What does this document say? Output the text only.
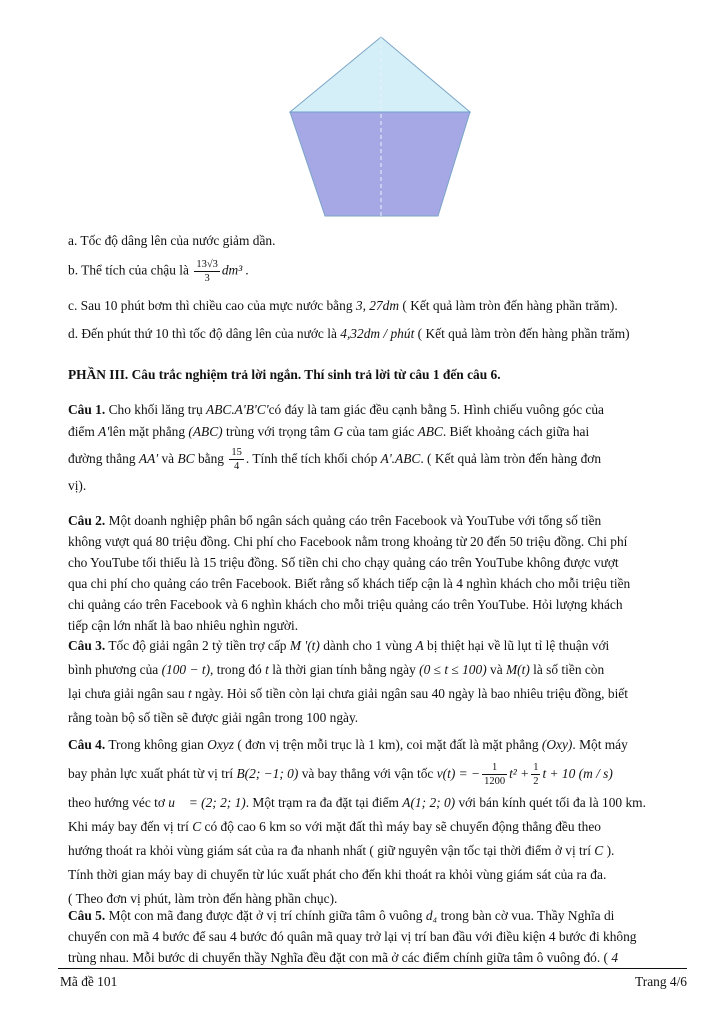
a. Tốc độ dâng lên của nước giảm dần.

b. Thể tích của chậu là $\frac{13√3}{3} dm^3$ .

c. Sau 10 phút bơm thì chiều cao của mực nước bằng 3, 27dm ( Kết quả làm tròn đến hàng phần trăm).

d. Đến phút thứ 10 thì tốc độ dâng lên của nước là 4,32dm / phút ( Kết quả làm tròn đến hàng phần trăm)

PHẦN III. Câu trắc nghiệm trả lời ngắn. Thí sinh trả lời từ câu 1 đến câu 6.

Câu 1. Cho khối lăng trụ ABC.A'B'C'có đáy là tam giác đều cạnh bằng 5. Hình chiếu vuông góc của
điểm A'lên mặt phẳng (ABC) trùng với trọng tâm G của tam giác ABC. Biết khoảng cách giữa hai
đường thẳng AA' và BC bằng $\frac{15}{4}$ . Tính thể tích khối chóp A'.ABC. ( Kết quả làm tròn đến hàng đơn
vị).

Câu 2. Một doanh nghiệp phân bổ ngân sách quảng cáo trên Facebook và YouTube với tổng số tiền
không vượt quá 80 triệu đồng. Chi phí cho Facebook nằm trong khoảng từ 20 đến 50 triệu đồng. Chi phí
cho YouTube tối thiểu là 15 triệu đồng. Số tiền chi cho chạy quảng cáo trên YouTube không được vượt
qua chi phí cho quảng cáo trên Facebook. Biết rằng số khách tiếp cận là 4 nghìn khách cho mỗi triệu tiền
chi quảng cáo trên Facebook và 6 nghìn khách cho mỗi triệu quảng cáo trên YouTube. Hỏi lượng khách
tiếp cận lớn nhất là bao nhiêu nghìn người.

Câu 3. Tốc độ giải ngân 2 tỷ tiền trợ cấp M '(t) dành cho 1 vùng A bị thiệt hại về lũ lụt tỉ lệ thuận với
bình phương của (100 − t), trong đó t là thời gian tính bằng ngày (0 ≤ t ≤ 100) và M(t) là số tiền còn
lại chưa giải ngân sau t ngày. Hỏi số tiền còn lại chưa giải ngân sau 40 ngày là bao nhiêu triệu đồng, biết
rằng toàn bộ số tiền sẽ được giải ngân trong 100 ngày.

Câu 4. Trong không gian Oxyz ( đơn vị trện mỗi trục là 1 km), coi mặt đất là mặt phẳng (Oxy). Một máy
bay phản lực xuất phát từ vị trí B(2; −1; 0) và bay thẳng với vận tốc v(t) = − $\frac{1}{1200} t^2 + \frac{1}{2}$ t + 10 (m / s)
theo hướng véc tơ u⃗ = (2; 2; 1). Một trạm ra đa đặt tại điểm A(1; 2; 0) với bán kính quét tối đa là 100 km.
Khi máy bay đến vị trí C có độ cao 6 km so với mặt đất thì máy bay sẽ chuyển động thẳng đều theo
hướng thoát ra khỏi vùng giám sát của ra đa nhanh nhất ( giữ nguyên vận tốc tại thời điểm ở vị trí C ).
Tính thời gian máy bay di chuyển từ lúc xuất phát cho đến khi thoát ra khỏi vùng giám sát của ra đa.
( Theo đơn vị phút, làm tròn đến hàng phần chục).

Câu 5. Một con mã đang được đặt ở vị trí chính giữa tâm ô vuông d₄ trong bàn cờ vua. Thầy Nghĩa di
chuyển con mã 4 bước để sau 4 bước đó quân mã quay trở lại vị trí ban đầu với điều kiện 4 bước đi không
trùng nhau. Mỗi bước di chuyển thầy Nghĩa đều đặt con mã ở các điểm chính giữa tâm ô vuông đó. ( 4

Mã đề 101	Trang 4/6
